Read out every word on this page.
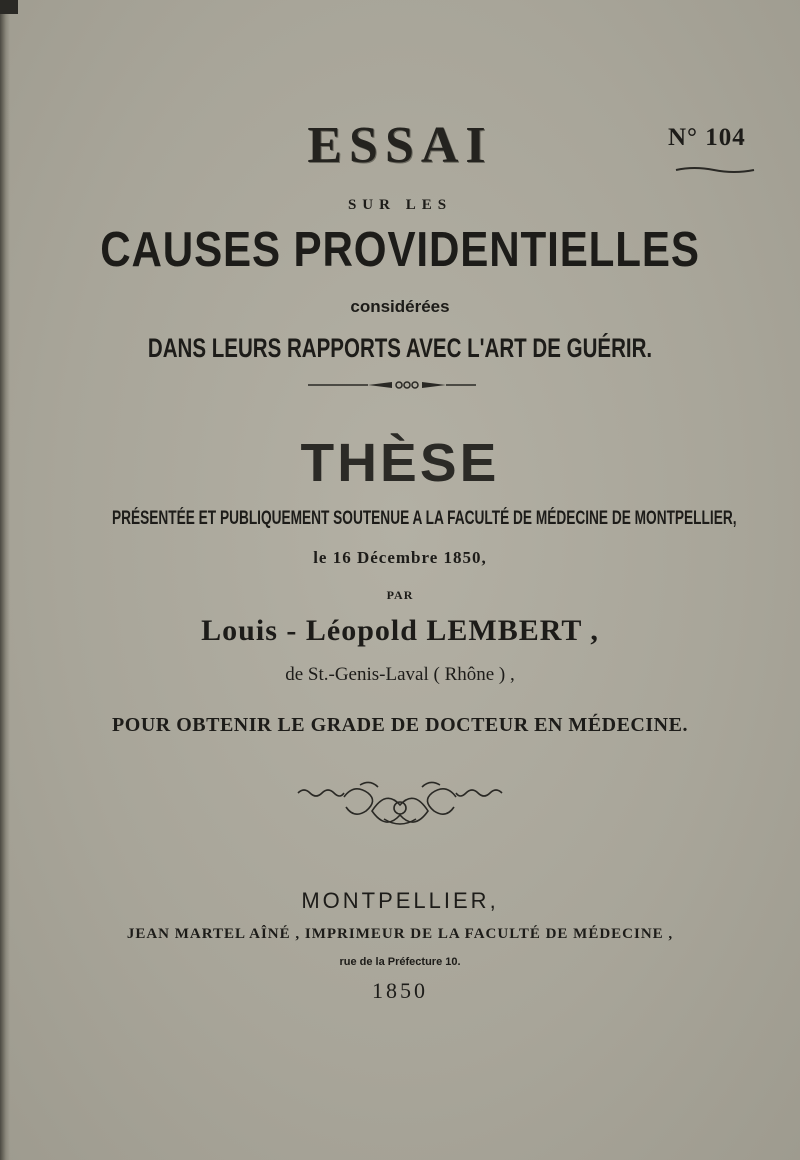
N° 104
ESSAI
SUR LES
CAUSES PROVIDENTIELLES
considérées
DANS LEURS RAPPORTS AVEC L'ART DE GUÉRIR.
THÈSE
PRÉSENTÉE ET PUBLIQUEMENT SOUTENUE A LA FACULTÉ DE MÉDECINE DE MONTPELLIER,
le 16 Décembre 1850,
PAR
Louis - Léopold LEMBERT ,
de St.-Genis-Laval ( Rhône ) ,
POUR OBTENIR LE GRADE DE DOCTEUR EN MÉDECINE.
MONTPELLIER,
JEAN MARTEL AÎNÉ , IMPRIMEUR DE LA FACULTÉ DE MÉDECINE ,
rue de la Préfecture 10.
1850
